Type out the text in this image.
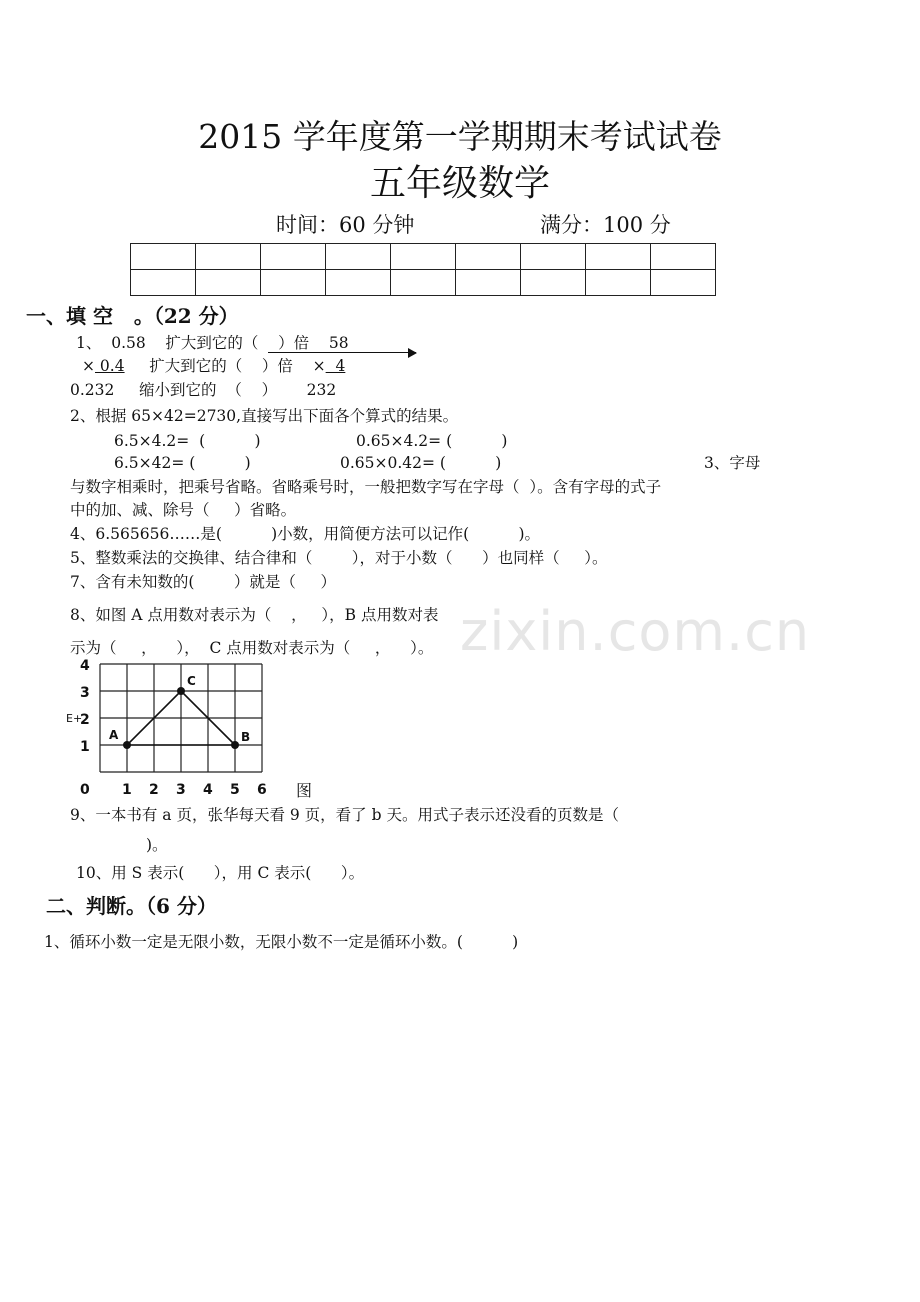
2015 学年度第一学期期末考试试卷
五年级数学
时间：60 分钟	满分：100 分

zixin.com.cn
一、填 空   。（22 分）
1、  0.58    扩大到它的（    ）倍    58
× 0.4     扩大到它的（    ）倍    ×  4
0.232     缩小到它的  （    ）      232
2、根据 65×42=2730,直接写出下面各个算式的结果。
6.5×4.2=  (          )	0.65×4.2= (          )
6.5×42= (          )	0.65×0.42= (          )	3、字母
与数字相乘时，把乘号省略。省略乘号时，一般把数字写在字母（  ）。含有字母的式子
中的加、减、除号（     ）省略。
4、6.565656……是(          )小数，用简便方法可以记作(          )。
5、整数乘法的交换律、结合律和（        ），对于小数（      ）也同样（     ）。
7、含有未知数的(        ）就是（     ）
8、如图 A 点用数对表示为（    ，   ），B 点用数对表
示为（     ，    ），  C 点用数对表示为（     ，    ）。
0 1 2 3 4 5 6
1
2
3
4
E+
A	B
C
图
9、一本书有 a 页，张华每天看 9 页，看了 b 天。用式子表示还没看的页数是（
)。
10、用 S 表示(      ），用 C 表示(      ）。
二、判断。（6 分）
1、循环小数一定是无限小数，无限小数不一定是循环小数。(          )
